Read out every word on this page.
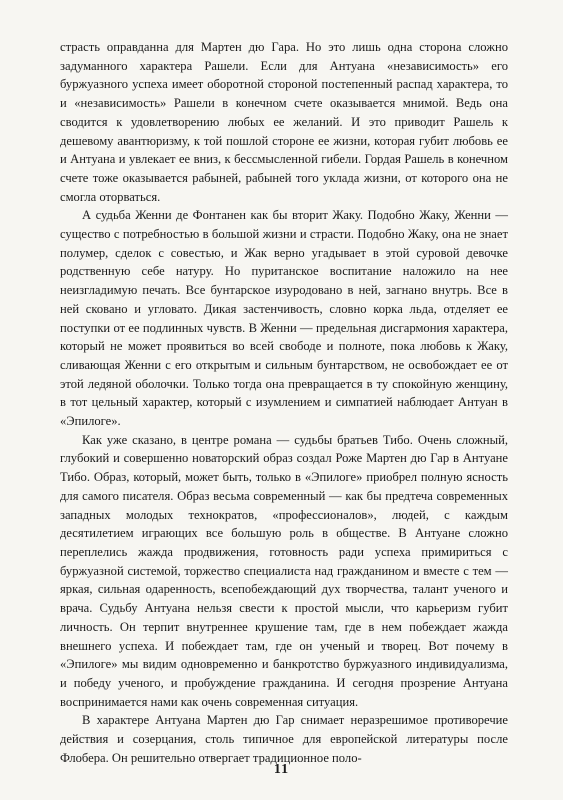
страсть оправданна для Мартен дю Гара. Но это лишь одна сторона сложно задуманного характера Рашели. Если для Антуана «независимость» его буржуазного успеха имеет оборотной стороной постепенный распад характера, то и «независимость» Рашели в конечном счете оказывается мнимой. Ведь она сводится к удовлетворению любых ее желаний. И это приводит Рашель к дешевому авантюризму, к той пошлой стороне ее жизни, которая губит любовь ее и Антуана и увлекает ее вниз, к бессмысленной гибели. Гордая Рашель в конечном счете тоже оказывается рабыней, рабыней того уклада жизни, от которого она не смогла оторваться.

А судьба Женни де Фонтанен как бы вторит Жаку. Подобно Жаку, Женни — существо с потребностью в большой жизни и страсти. Подобно Жаку, она не знает полумер, сделок с совестью, и Жак верно угадывает в этой суровой девочке родственную себе натуру. Но пуританское воспитание наложило на нее неизгладимую печать. Все бунтарское изуродовано в ней, загнано внутрь. Все в ней сковано и угловато. Дикая застенчивость, словно корка льда, отделяет ее поступки от ее подлинных чувств. В Женни — предельная дисгармония характера, который не может проявиться во всей свободе и полноте, пока любовь к Жаку, сливающая Женни с его открытым и сильным бунтарством, не освобождает ее от этой ледяной оболочки. Только тогда она превращается в ту спокойную женщину, в тот цельный характер, который с изумлением и симпатией наблюдает Антуан в «Эпилоге».

Как уже сказано, в центре романа — судьбы братьев Тибо. Очень сложный, глубокий и совершенно новаторский образ создал Роже Мартен дю Гар в Антуане Тибо. Образ, который, может быть, только в «Эпилоге» приобрел полную ясность для самого писателя. Образ весьма современный — как бы предтеча современных западных молодых технократов, «профессионалов», людей, с каждым десятилетием играющих все большую роль в обществе. В Антуане сложно переплелись жажда продвижения, готовность ради успеха примириться с буржуазной системой, торжество специалиста над гражданином и вместе с тем — яркая, сильная одаренность, всепобеждающий дух творчества, талант ученого и врача. Судьбу Антуана нельзя свести к простой мысли, что карьеризм губит личность. Он терпит внутреннее крушение там, где в нем побеждает жажда внешнего успеха. И побеждает там, где он ученый и творец. Вот почему в «Эпилоге» мы видим одновременно и банкротство буржуазного индивидуализма, и победу ученого, и пробуждение гражданина. И сегодня прозрение Антуана воспринимается нами как очень современная ситуация.

В характере Антуана Мартен дю Гар снимает неразрешимое противоречие действия и созерцания, столь типичное для европейской литературы после Флобера. Он решительно отвергает традиционное поло-

11
